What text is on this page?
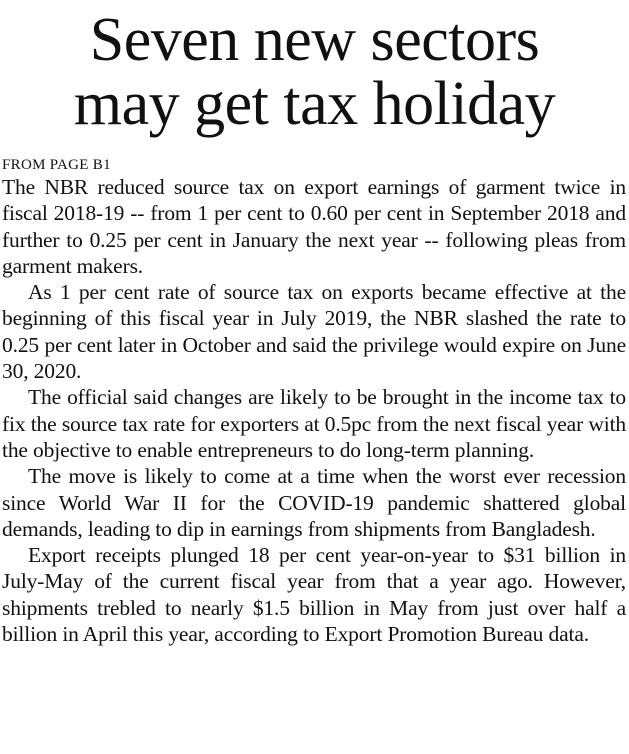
Seven new sectors
may get tax holiday
FROM PAGE B1

The NBR reduced source tax on export earnings of garment twice in fiscal 2018-19 -- from 1 per cent to 0.60 per cent in September 2018 and further to 0.25 per cent in January the next year -- following pleas from garment makers.

As 1 per cent rate of source tax on exports became effective at the beginning of this fiscal year in July 2019, the NBR slashed the rate to 0.25 per cent later in October and said the privilege would expire on June 30, 2020.

The official said changes are likely to be brought in the income tax to fix the source tax rate for exporters at 0.5pc from the next fiscal year with the objective to enable entrepreneurs to do long-term planning.

The move is likely to come at a time when the worst ever recession since World War II for the COVID-19 pandemic shattered global demands, leading to dip in earnings from shipments from Bangladesh.

Export receipts plunged 18 per cent year-on-year to $31 billion in July-May of the current fiscal year from that a year ago. However, shipments trebled to nearly $1.5 billion in May from just over half a billion in April this year, according to Export Promotion Bureau data.
